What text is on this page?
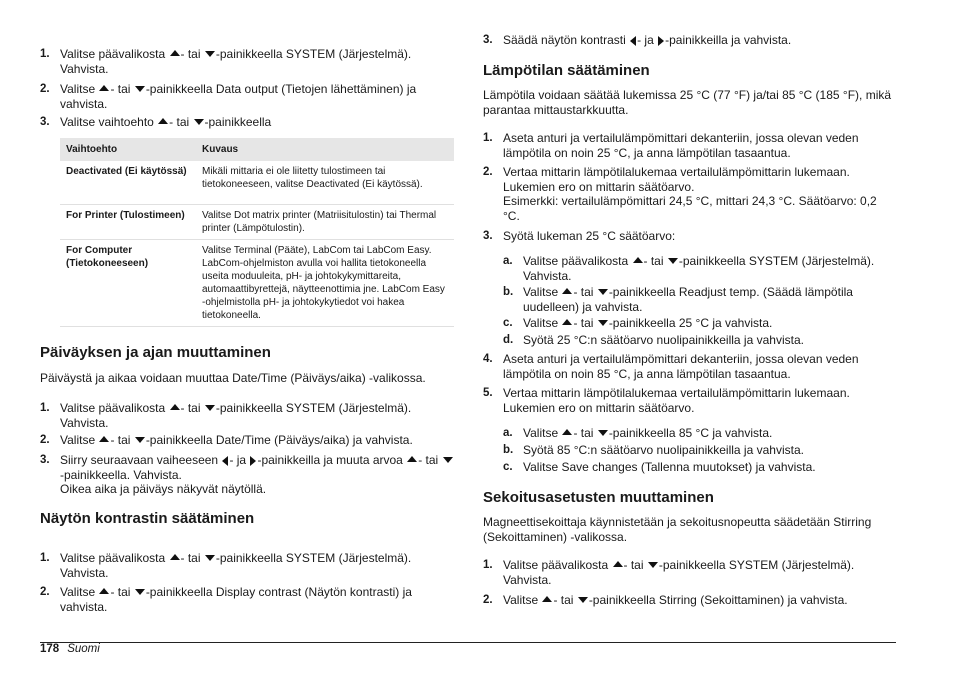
1. Valitse päävalikosta - tai -painikkeella SYSTEM (Järjestelmä). Vahvista.
2. Valitse - tai -painikkeella Data output (Tietojen lähettäminen) ja vahvista.
3. Valitse vaihtoehto - tai -painikkeella
Vaihtoehto	Kuvaus
Deactivated (Ei käytössä)	Mikäli mittaria ei ole liitetty tulostimeen tai tietokoneeseen, valitse Deactivated (Ei käytössä).
For Printer (Tulostimeen)	Valitse Dot matrix printer (Matriisitulostin) tai Thermal printer (Lämpötulostin).
For Computer (Tietokoneeseen)	Valitse Terminal (Pääte), LabCom tai LabCom Easy. LabCom-ohjelmiston avulla voi hallita tietokoneella useita moduuleita, pH- ja johtokykymittareita, automaattibyrettejä, näytteenottimia jne. LabCom Easy -ohjelmistolla pH- ja johtokykytiedot voi hakea tietokoneella.
Päiväyksen ja ajan muuttaminen

Päiväystä ja aikaa voidaan muuttaa Date/Time (Päiväys/aika) -valikossa.

1. Valitse päävalikosta - tai -painikkeella SYSTEM (Järjestelmä). Vahvista.
2. Valitse - tai -painikkeella Date/Time (Päiväys/aika) ja vahvista.
3. Siirry seuraavaan vaiheeseen - ja -painikkeilla ja muuta arvoa - tai -painikkeella. Vahvista.
Oikea aika ja päiväys näkyvät näytöllä.
Näytön kontrastin säätäminen
1. Valitse päävalikosta - tai -painikkeella SYSTEM (Järjestelmä). Vahvista.
2. Valitse - tai -painikkeella Display contrast (Näytön kontrasti) ja vahvista.
3. Säädä näytön kontrasti - ja -painikkeilla ja vahvista.
Lämpötilan säätäminen

Lämpötila voidaan säätää lukemissa 25 °C (77 °F) ja/tai 85 °C (185 °F), mikä parantaa mittaustarkkuutta.

1. Aseta anturi ja vertailulämpömittari dekanteriin, jossa olevan veden lämpötila on noin 25 °C, ja anna lämpötilan tasaantua.
2. Vertaa mittarin lämpötilalukemaa vertailulämpömittarin lukemaan. Lukemien ero on mittarin säätöarvo.
Esimerkki: vertailulämpömittari 24,5 °C, mittari 24,3 °C. Säätöarvo: 0,2 °C.
3. Syötä lukeman 25 °C säätöarvo:
a. Valitse päävalikosta - tai -painikkeella SYSTEM (Järjestelmä). Vahvista.
b. Valitse - tai -painikkeella Readjust temp. (Säädä lämpötila uudelleen) ja vahvista.
c. Valitse - tai -painikkeella 25 °C ja vahvista.
d. Syötä 25 °C:n säätöarvo nuolipainikkeilla ja vahvista.
4. Aseta anturi ja vertailulämpömittari dekanteriin, jossa olevan veden lämpötila on noin 85 °C, ja anna lämpötilan tasaantua.
5. Vertaa mittarin lämpötilalukemaa vertailulämpömittarin lukemaan. Lukemien ero on mittarin säätöarvo.
a. Valitse - tai -painikkeella 85 °C ja vahvista.
b. Syötä 85 °C:n säätöarvo nuolipainikkeilla ja vahvista.
c. Valitse Save changes (Tallenna muutokset) ja vahvista.
Sekoitusasetusten muuttaminen

Magneettisekoittaja käynnistetään ja sekoitusnopeutta säädetään Stirring (Sekoittaminen) -valikossa.

1. Valitse päävalikosta - tai -painikkeella SYSTEM (Järjestelmä). Vahvista.
2. Valitse - tai -painikkeella Stirring (Sekoittaminen) ja vahvista.
178 Suomi
